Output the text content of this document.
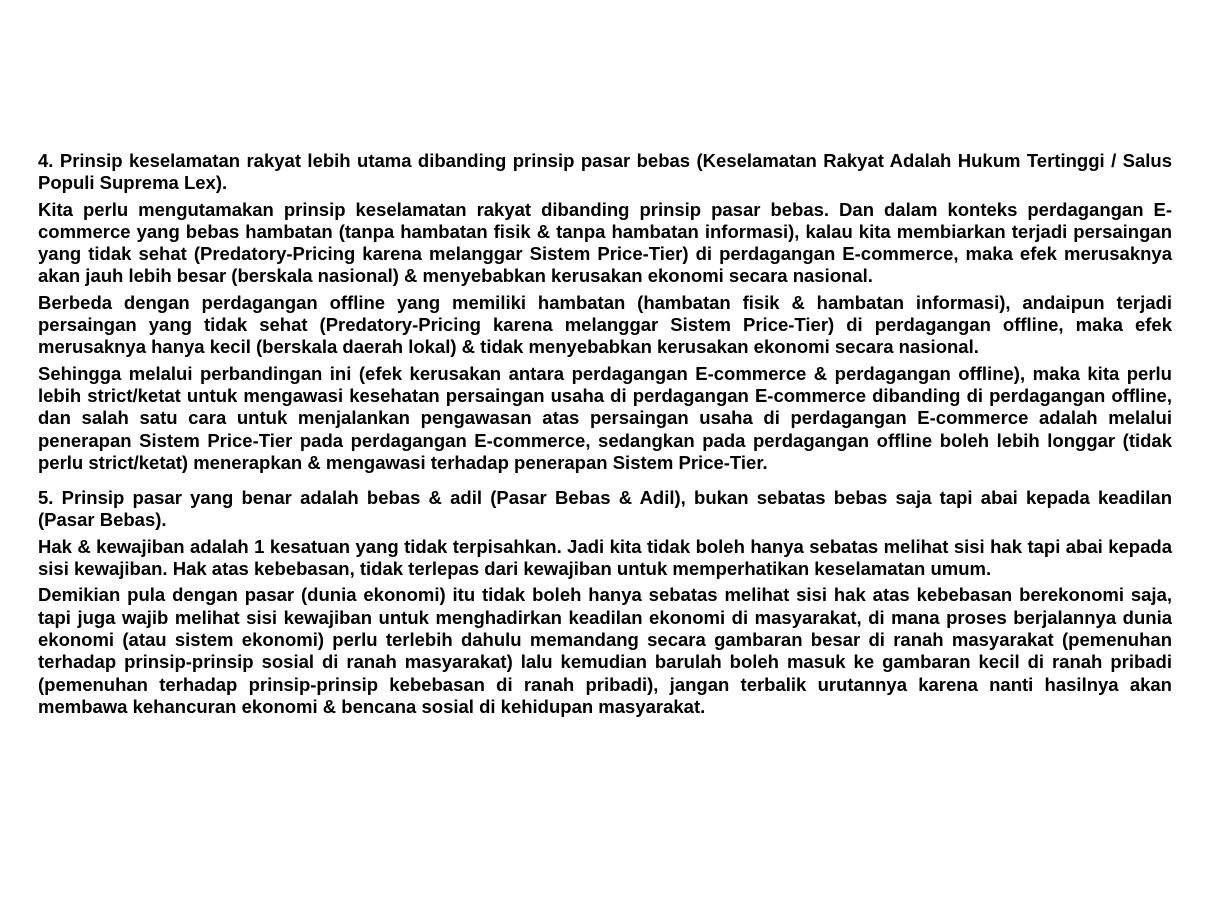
4. Prinsip keselamatan rakyat lebih utama dibanding prinsip pasar bebas (Keselamatan Rakyat Adalah Hukum Tertinggi / Salus Populi Suprema Lex).

Kita perlu mengutamakan prinsip keselamatan rakyat dibanding prinsip pasar bebas. Dan dalam konteks perdagangan E-commerce yang bebas hambatan (tanpa hambatan fisik & tanpa hambatan informasi), kalau kita membiarkan terjadi persaingan yang tidak sehat (Predatory-Pricing karena melanggar Sistem Price-Tier) di perdagangan E-commerce, maka efek merusaknya akan jauh lebih besar (berskala nasional) & menyebabkan kerusakan ekonomi secara nasional.

Berbeda dengan perdagangan offline yang memiliki hambatan (hambatan fisik & hambatan informasi), andaipun terjadi persaingan yang tidak sehat (Predatory-Pricing karena melanggar Sistem Price-Tier) di perdagangan offline, maka efek merusaknya hanya kecil (berskala daerah lokal) & tidak menyebabkan kerusakan ekonomi secara nasional.

Sehingga melalui perbandingan ini (efek kerusakan antara perdagangan E-commerce & perdagangan offline), maka kita perlu lebih strict/ketat untuk mengawasi kesehatan persaingan usaha di perdagangan E-commerce dibanding di perdagangan offline, dan salah satu cara untuk menjalankan pengawasan atas persaingan usaha di perdagangan E-commerce adalah melalui penerapan Sistem Price-Tier pada perdagangan E-commerce, sedangkan pada perdagangan offline boleh lebih longgar (tidak perlu strict/ketat) menerapkan & mengawasi terhadap penerapan Sistem Price-Tier.

5. Prinsip pasar yang benar adalah bebas & adil (Pasar Bebas & Adil), bukan sebatas bebas saja tapi abai kepada keadilan (Pasar Bebas).

Hak & kewajiban adalah 1 kesatuan yang tidak terpisahkan. Jadi kita tidak boleh hanya sebatas melihat sisi hak tapi abai kepada sisi kewajiban. Hak atas kebebasan, tidak terlepas dari kewajiban untuk memperhatikan keselamatan umum.

Demikian pula dengan pasar (dunia ekonomi) itu tidak boleh hanya sebatas melihat sisi hak atas kebebasan berekonomi saja, tapi juga wajib melihat sisi kewajiban untuk menghadirkan keadilan ekonomi di masyarakat, di mana proses berjalannya dunia ekonomi (atau sistem ekonomi) perlu terlebih dahulu memandang secara gambaran besar di ranah masyarakat (pemenuhan terhadap prinsip-prinsip sosial di ranah masyarakat) lalu kemudian barulah boleh masuk ke gambaran kecil di ranah pribadi (pemenuhan terhadap prinsip-prinsip kebebasan di ranah pribadi), jangan terbalik urutannya karena nanti hasilnya akan membawa kehancuran ekonomi & bencana sosial di kehidupan masyarakat.
